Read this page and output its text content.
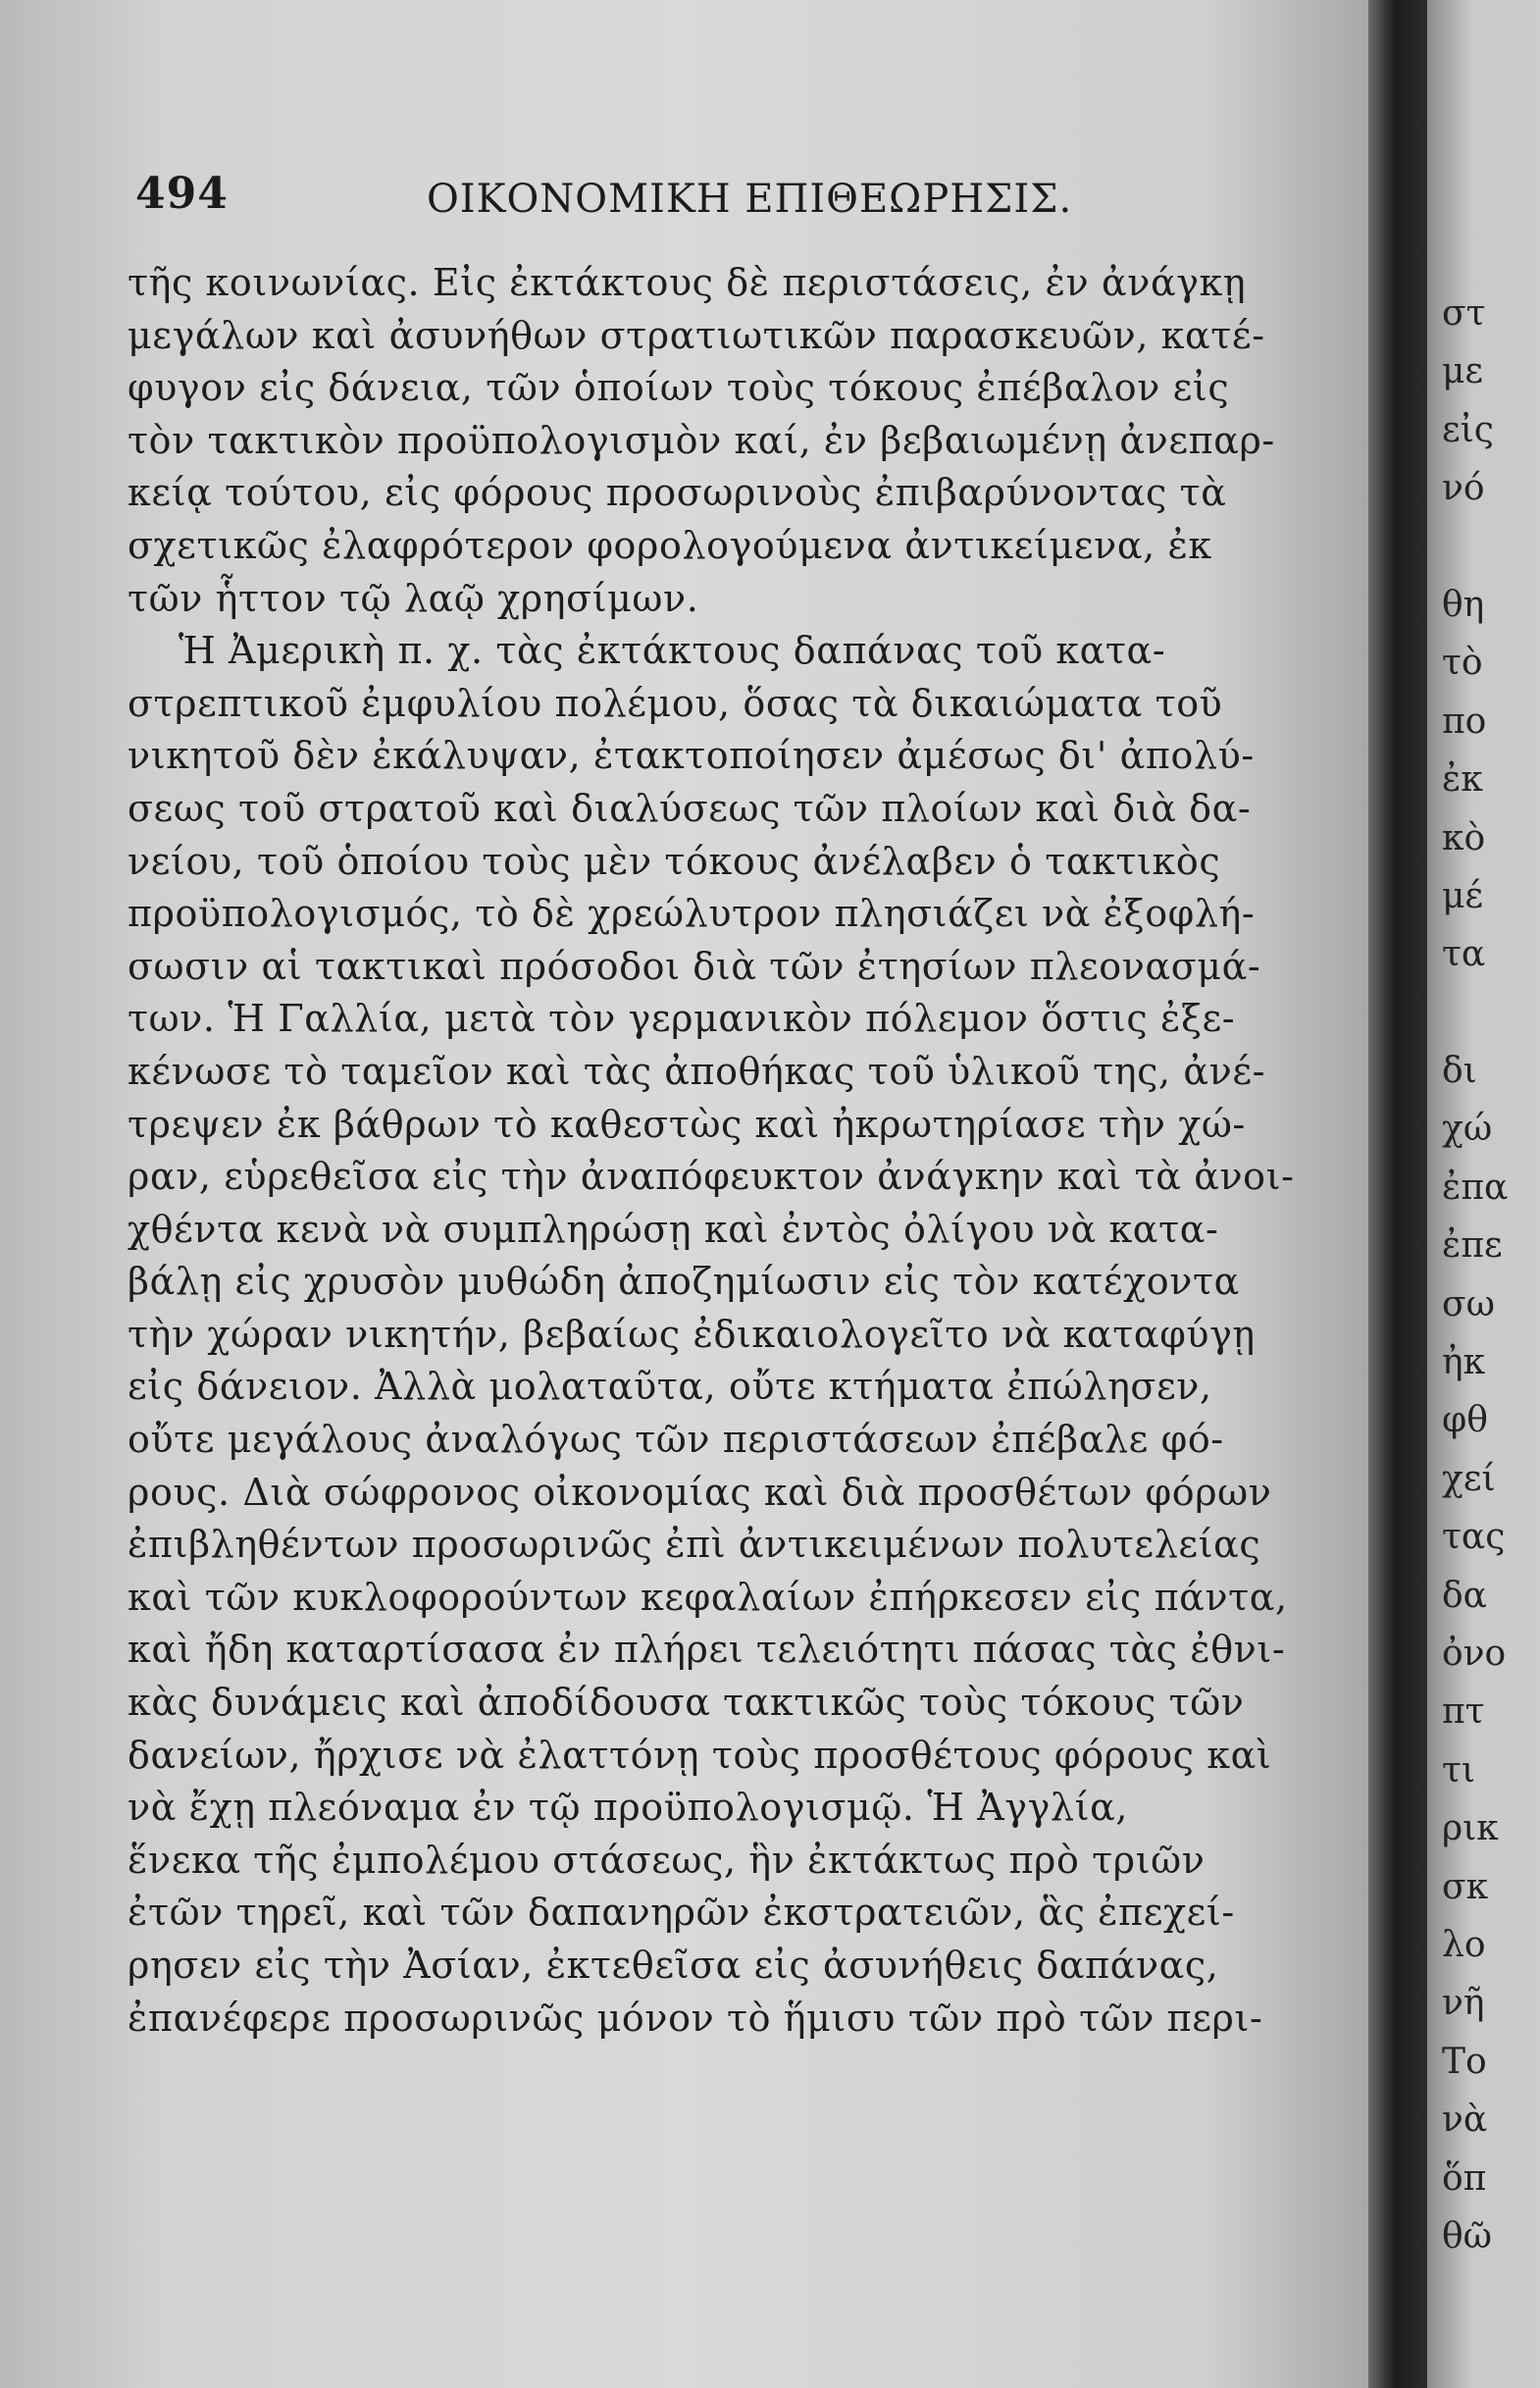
494	ΟΙΚΟΝΟΜΙΚΗ ΕΠΙΘΕΩΡΗΣΙΣ.
τῆς κοινωνίας. Εἰς ἐκτάκτους δὲ περιστάσεις, ἐν ἀνάγκῃ
μεγάλων καὶ ἀσυνήθων στρατιωτικῶν παρασκευῶν, κατέ-
φυγον εἰς δάνεια, τῶν ὁποίων τοὺς τόκους ἐπέβαλον εἰς
τὸν τακτικὸν προϋπολογισμὸν καί, ἐν βεβαιωμένῃ ἀνεπαρ-
κείᾳ τούτου, εἰς φόρους προσωρινοὺς ἐπιβαρύνοντας τὰ
σχετικῶς ἐλαφρότερον φορολογούμενα ἀντικείμενα, ἐκ
τῶν ἧττον τῷ λαῷ χρησίμων.
Ἡ Ἀμερικὴ π. χ. τὰς ἐκτάκτους δαπάνας τοῦ κατα-
στρεπτικοῦ ἐμφυλίου πολέμου, ὅσας τὰ δικαιώματα τοῦ
νικητοῦ δὲν ἐκάλυψαν, ἐτακτοποίησεν ἀμέσως δι' ἀπολύ-
σεως τοῦ στρατοῦ καὶ διαλύσεως τῶν πλοίων καὶ διὰ δα-
νείου, τοῦ ὁποίου τοὺς μὲν τόκους ἀνέλαβεν ὁ τακτικὸς
προϋπολογισμός, τὸ δὲ χρεώλυτρον πλησιάζει νὰ ἐξοφλή-
σωσιν αἱ τακτικαὶ πρόσοδοι διὰ τῶν ἐτησίων πλεονασμά-
των. Ἡ Γαλλία, μετὰ τὸν γερμανικὸν πόλεμον ὅστις ἐξε-
κένωσε τὸ ταμεῖον καὶ τὰς ἀποθήκας τοῦ ὑλικοῦ της, ἀνέ-
τρεψεν ἐκ βάθρων τὸ καθεστὼς καὶ ἠκρωτηρίασε τὴν χώ-
ραν, εὑρεθεῖσα εἰς τὴν ἀναπόφευκτον ἀνάγκην καὶ τὰ ἀνοι-
χθέντα κενὰ νὰ συμπληρώσῃ καὶ ἐντὸς ὀλίγου νὰ κατα-
βάλῃ εἰς χρυσὸν μυθώδη ἀποζημίωσιν εἰς τὸν κατέχοντα
τὴν χώραν νικητήν, βεβαίως ἐδικαιολογεῖτο νὰ καταφύγῃ
εἰς δάνειον. Ἀλλὰ μολαταῦτα, οὔτε κτήματα ἐπώλησεν,
οὔτε μεγάλους ἀναλόγως τῶν περιστάσεων ἐπέβαλε φό-
ρους. Διὰ σώφρονος οἰκονομίας καὶ διὰ προσθέτων φόρων
ἐπιβληθέντων προσωρινῶς ἐπὶ ἀντικειμένων πολυτελείας
καὶ τῶν κυκλοφορούντων κεφαλαίων ἐπήρκεσεν εἰς πάντα,
καὶ ἤδη καταρτίσασα ἐν πλήρει τελειότητι πάσας τὰς ἐθνι-
κὰς δυνάμεις καὶ ἀποδίδουσα τακτικῶς τοὺς τόκους τῶν
δανείων, ἤρχισε νὰ ἐλαττόνῃ τοὺς προσθέτους φόρους καὶ
νὰ ἔχῃ πλεόναμα ἐν τῷ προϋπολογισμῷ. Ἡ Ἀγγλία,
ἕνεκα τῆς ἐμπολέμου στάσεως, ἣν ἐκτάκτως πρὸ τριῶν
ἐτῶν τηρεῖ, καὶ τῶν δαπανηρῶν ἐκστρατειῶν, ἃς ἐπεχεί-
ρησεν εἰς τὴν Ἀσίαν, ἐκτεθεῖσα εἰς ἀσυνήθεις δαπάνας,
ἐπανέφερε προσωρινῶς μόνον τὸ ἥμισυ τῶν πρὸ τῶν περι-
στ
με
εἰς
νό
θη
τὸ
πο
ἐκ
κὸ
μέ
τα
δι
χώ
ἐπα
ἐπε
σω
ἠκ
φθ
χεί
τας
δα
ὀνο
πτ
τι
ρικ
σκ
λο
νῆ
Το
νὰ
ὅπ
θῶ
